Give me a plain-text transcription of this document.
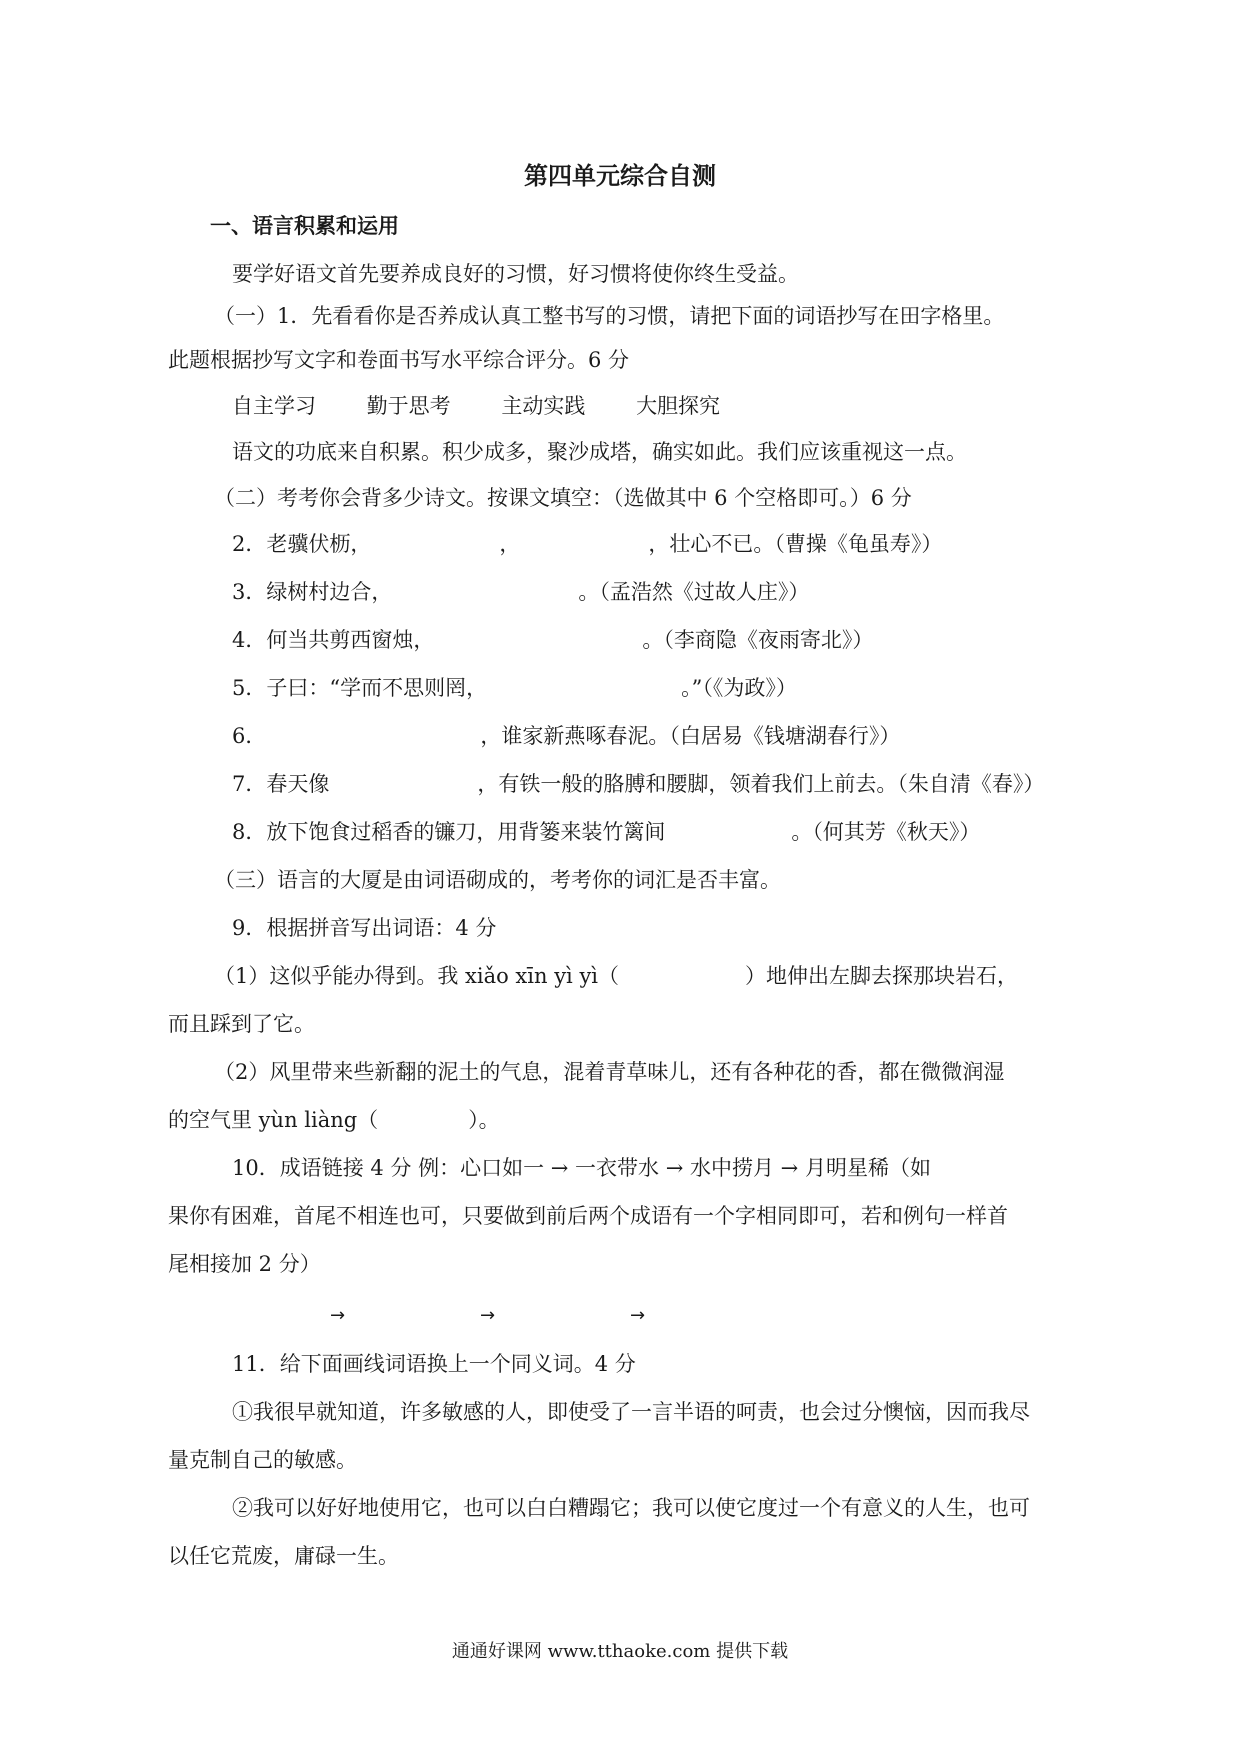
第四单元综合自测
一、语言积累和运用
要学好语文首先要养成良好的习惯，好习惯将使你终生受益。
（一）1．先看看你是否养成认真工整书写的习惯，请把下面的词语抄写在田字格里。
此题根据抄写文字和卷面书写水平综合评分。6 分
自主学习 勤于思考 主动实践 大胆探究
语文的功底来自积累。积少成多，聚沙成塔，确实如此。我们应该重视这一点。
（二）考考你会背多少诗文。按课文填空：（选做其中 6 个空格即可。）6 分
2．老骥伏枥，	，	，壮心不已。（曹操《龟虽寿》）
3．绿树村边合，	。（孟浩然《过故人庄》）
4．何当共剪西窗烛，	。（李商隐《夜雨寄北》）
5．子曰：“学而不思则罔，	。”（《为政》）
6．	，谁家新燕啄春泥。（白居易《钱塘湖春行》）
7．春天像	，有铁一般的胳膊和腰脚，领着我们上前去。（朱自清《春》）
8．放下饱食过稻香的镰刀，用背篓来装竹篱间	。（何其芳《秋天》）
（三）语言的大厦是由词语砌成的，考考你的词汇是否丰富。
9．根据拼音写出词语：4 分
（1）这似乎能办得到。我 xiǎo xīn yì yì（	）地伸出左脚去探那块岩石，
而且踩到了它。
（2）风里带来些新翻的泥土的气息，混着青草味儿，还有各种花的香，都在微微润湿
的空气里 yùn liàng（	）。
10．成语链接 4 分 例：心口如一 → 一衣带水 → 水中捞月 → 月明星稀（如
果你有困难，首尾不相连也可，只要做到前后两个成语有一个字相同即可，若和例句一样首
尾相接加 2 分）
→	→	→
11．给下面画线词语换上一个同义词。4 分
①我很早就知道，许多敏感的人，即使受了一言半语的呵责，也会过分懊恼，因而我尽
量克制自己的敏感。
②我可以好好地使用它，也可以白白糟蹋它；我可以使它度过一个有意义的人生，也可
以任它荒废，庸碌一生。
通通好课网 www.tthaoke.com 提供下载
